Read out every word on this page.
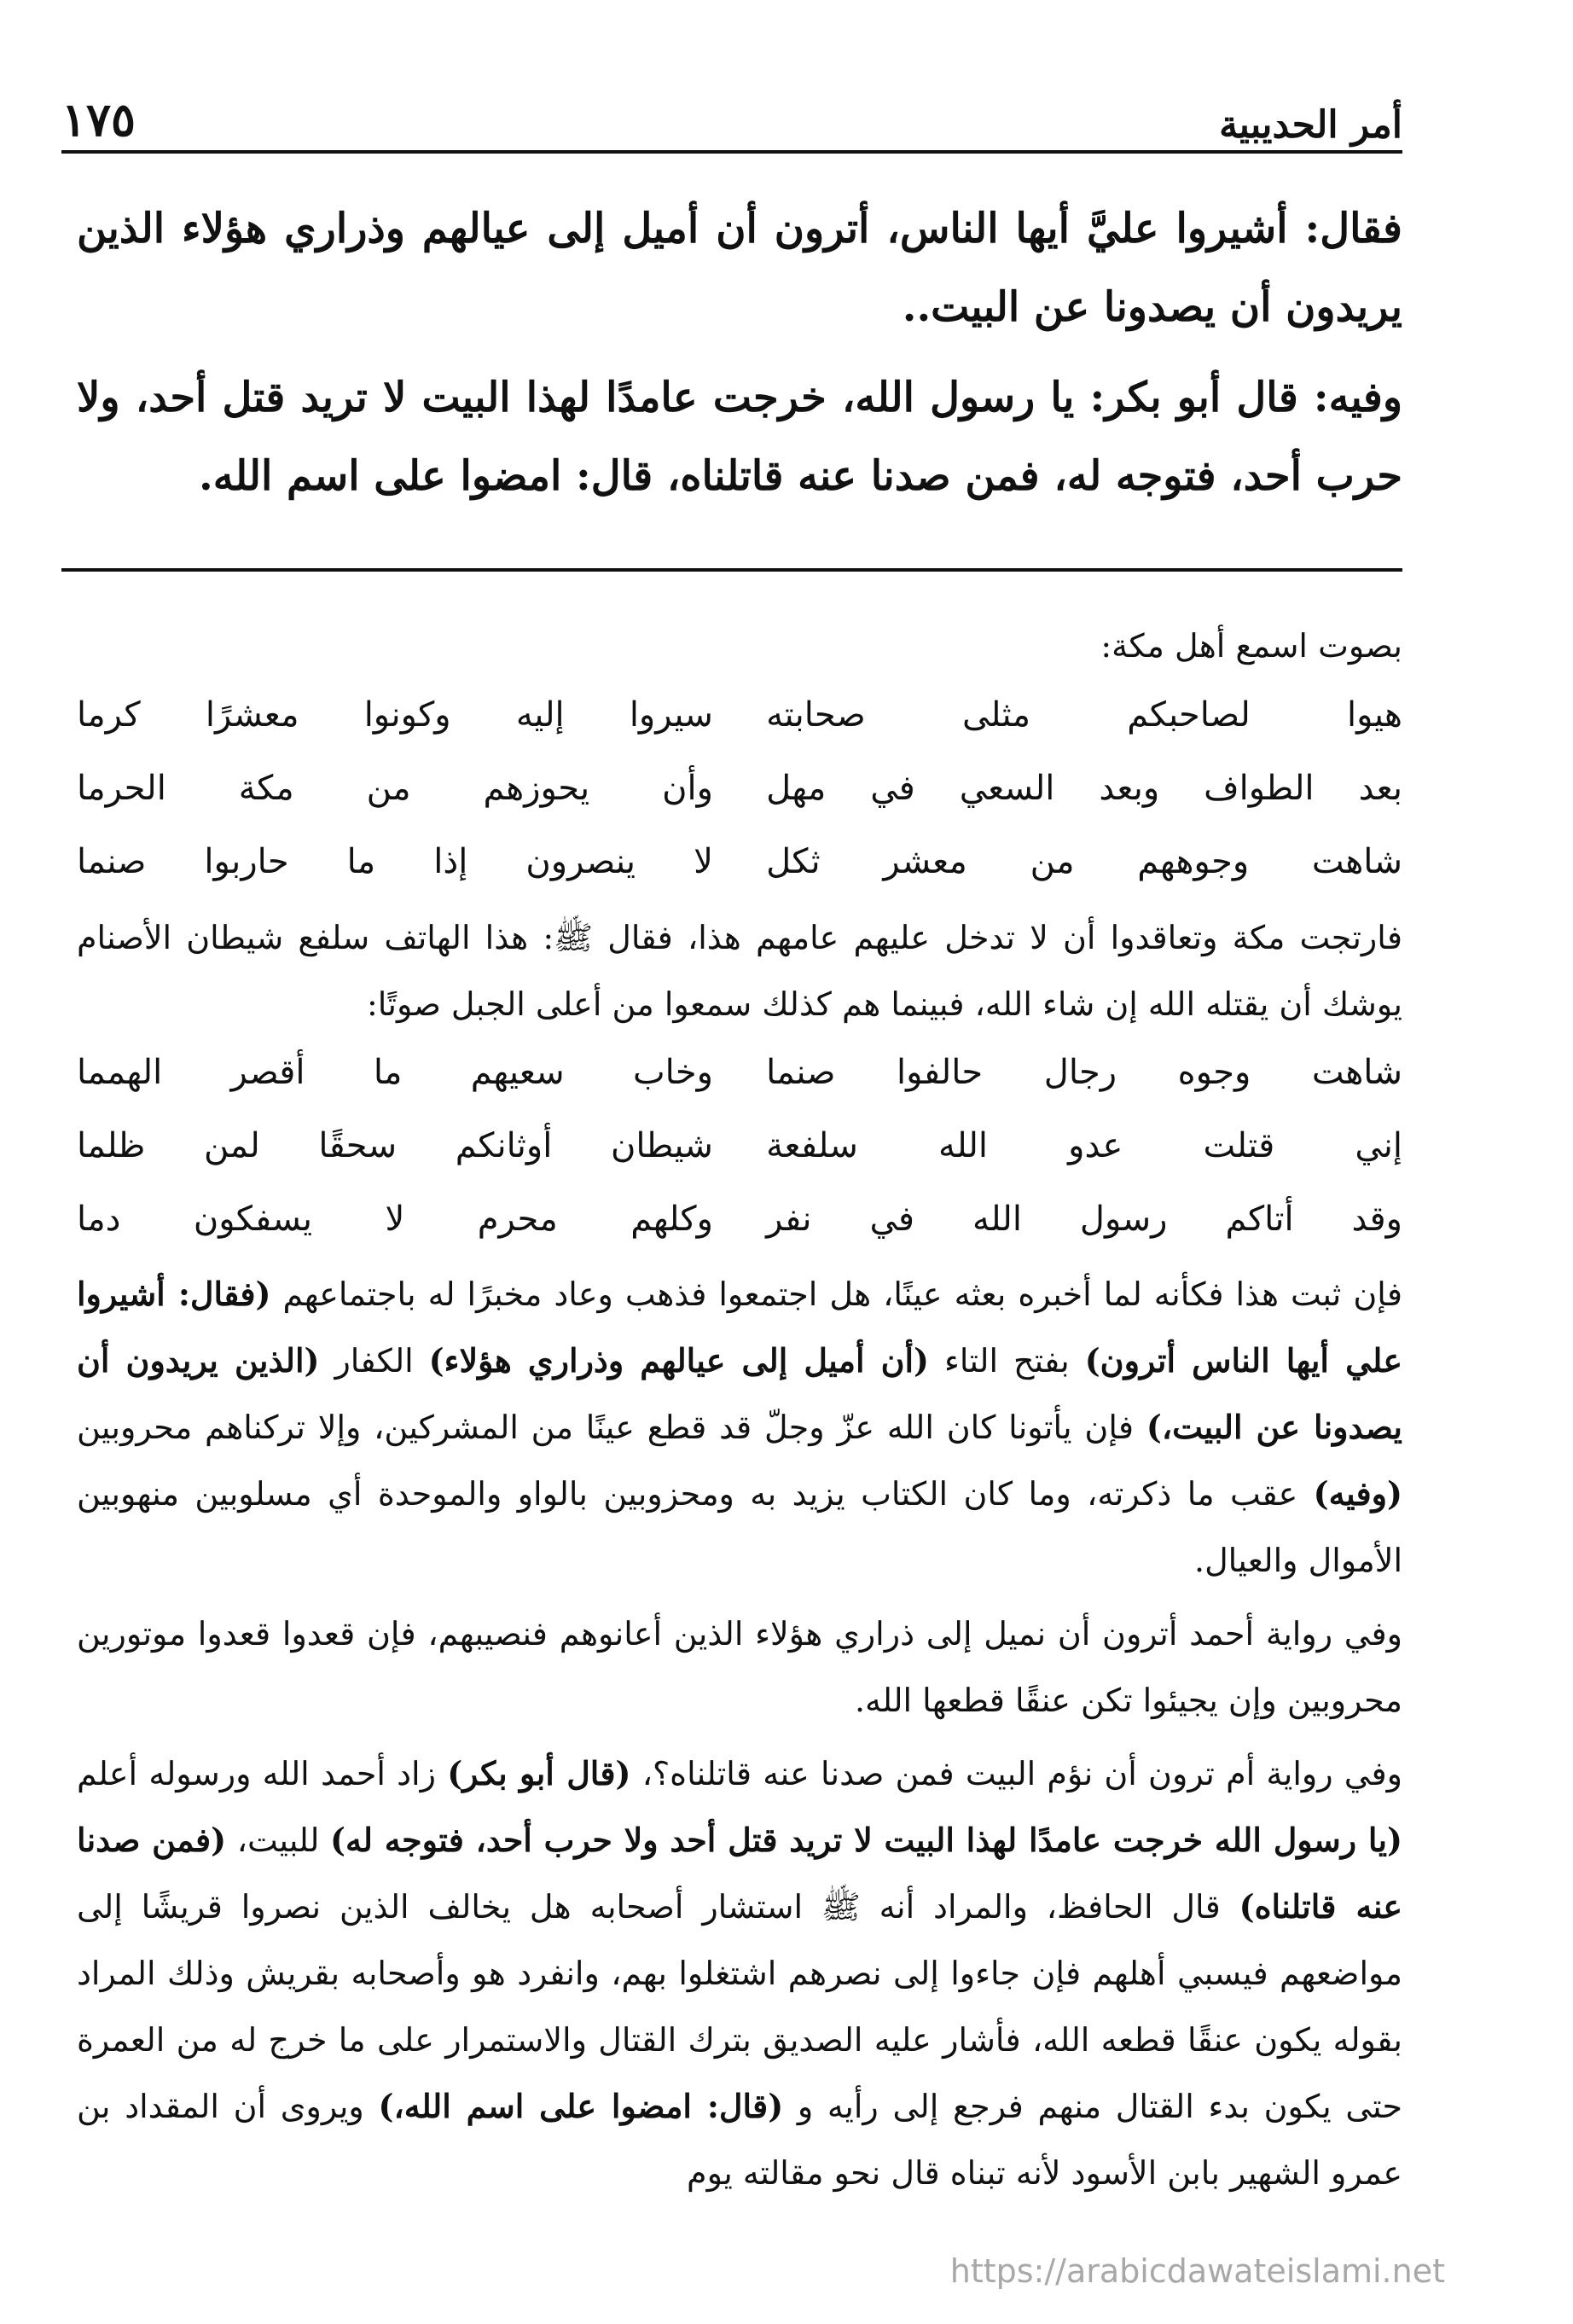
أمر الحديبية
١٧٥

فقال: أشيروا عليَّ أيها الناس، أترون أن أميل إلى عيالهم وذراري هؤلاء الذين يريدون أن يصدونا عن البيت..

وفيه: قال أبو بكر: يا رسول الله، خرجت عامدًا لهذا البيت لا تريد قتل أحد، ولا حرب أحد، فتوجه له، فمن صدنا عنه قاتلناه، قال: امضوا على اسم الله.

بصوت اسمع أهل مكة:

هيوا لصاحبكم مثلى صحابته
سيروا إليه وكونوا معشرًا كرما
بعد الطواف وبعد السعي في مهل
وأن يحوزهم من مكة الحرما
شاهت وجوههم من معشر ثكل
لا ينصرون إذا ما حاربوا صنما

فارتجت مكة وتعاقدوا أن لا تدخل عليهم عامهم هذا، فقال ﷺ: هذا الهاتف سلفع شيطان الأصنام يوشك أن يقتله الله إن شاء الله، فبينما هم كذلك سمعوا من أعلى الجبل صوتًا:

شاهت وجوه رجال حالفوا صنما
وخاب سعيهم ما أقصر الهمما
إني قتلت عدو الله سلفعة
شيطان أوثانكم سحقًا لمن ظلما
وقد أتاكم رسول الله في نفر
وكلهم محرم لا يسفكون دما

فإن ثبت هذا فكأنه لما أخبره بعثه عينًا، هل اجتمعوا فذهب وعاد مخبرًا له باجتماعهم (فقال: أشيروا علي أيها الناس أترون) بفتح التاء (أن أميل إلى عيالهم وذراري هؤلاء) الكفار (الذين يريدون أن يصدونا عن البيت،) فإن يأتونا كان الله عزّ وجلّ قد قطع عينًا من المشركين، وإلا تركناهم محروبين (وفيه) عقب ما ذكرته، وما كان الكتاب يزيد به ومحزوبين بالواو والموحدة أي مسلوبين منهوبين الأموال والعيال.

وفي رواية أحمد أترون أن نميل إلى ذراري هؤلاء الذين أعانوهم فنصيبهم، فإن قعدوا قعدوا موتورين محروبين وإن يجيئوا تكن عنقًا قطعها الله.

وفي رواية أم ترون أن نؤم البيت فمن صدنا عنه قاتلناه؟، (قال أبو بكر) زاد أحمد الله ورسوله أعلم (يا رسول الله خرجت عامدًا لهذا البيت لا تريد قتل أحد ولا حرب أحد، فتوجه له) للبيت، (فمن صدنا عنه قاتلناه) قال الحافظ، والمراد أنه ﷺ استشار أصحابه هل يخالف الذين نصروا قريشًا إلى مواضعهم فيسبي أهلهم فإن جاءوا إلى نصرهم اشتغلوا بهم، وانفرد هو وأصحابه بقريش وذلك المراد بقوله يكون عنقًا قطعه الله، فأشار عليه الصديق بترك القتال والاستمرار على ما خرج له من العمرة حتى يكون بدء القتال منهم فرجع إلى رأيه و (قال: امضوا على اسم الله،) ويروى أن المقداد بن عمرو الشهير بابن الأسود لأنه تبناه قال نحو مقالته يوم

https://arabicdawateislami.net
